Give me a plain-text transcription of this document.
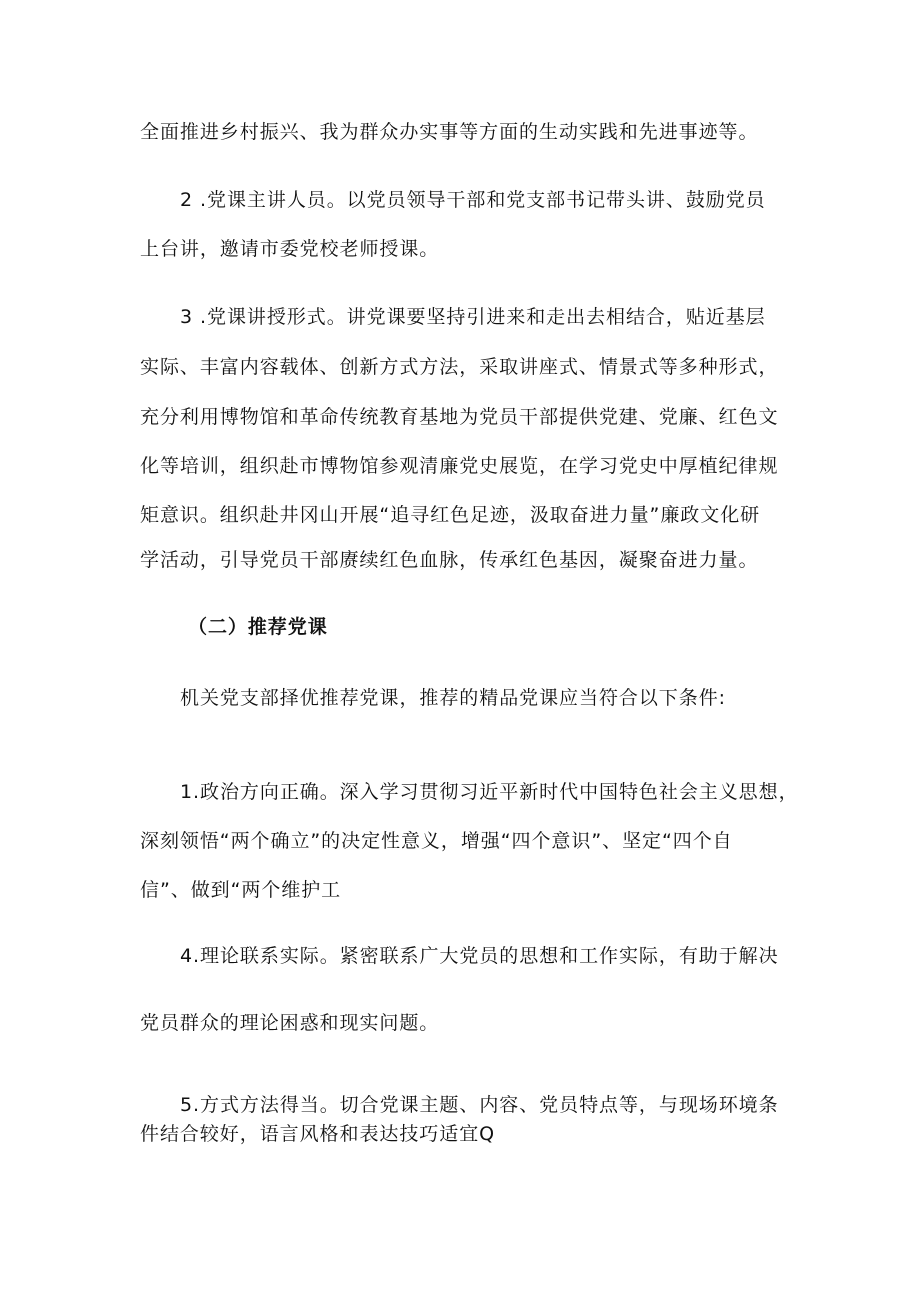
全面推进乡村振兴、我为群众办实事等方面的生动实践和先进事迹等。
2 .党课主讲人员。以党员领导干部和党支部书记带头讲、鼓励党员
上台讲，邀请市委党校老师授课。
3 .党课讲授形式。讲党课要坚持引进来和走出去相结合，贴近基层
实际、丰富内容载体、创新方式方法，采取讲座式、情景式等多种形式，
充分利用博物馆和革命传统教育基地为党员干部提供党建、党廉、红色文
化等培训，组织赴市博物馆参观清廉党史展览，在学习党史中厚植纪律规
矩意识。组织赴井冈山开展“追寻红色足迹，汲取奋进力量”廉政文化研
学活动，引导党员干部赓续红色血脉，传承红色基因，凝聚奋进力量。
（二）推荐党课
机关党支部择优推荐党课，推荐的精品党课应当符合以下条件:
1.政治方向正确。深入学习贯彻习近平新时代中国特色社会主义思想，
深刻领悟“两个确立”的决定性意义，增强“四个意识”、坚定“四个自
信”、做到“两个维护工
4.理论联系实际。紧密联系广大党员的思想和工作实际，有助于解决
党员群众的理论困惑和现实问题。
5.方式方法得当。切合党课主题、内容、党员特点等，与现场环境条
件结合较好，语言风格和表达技巧适宜Q
